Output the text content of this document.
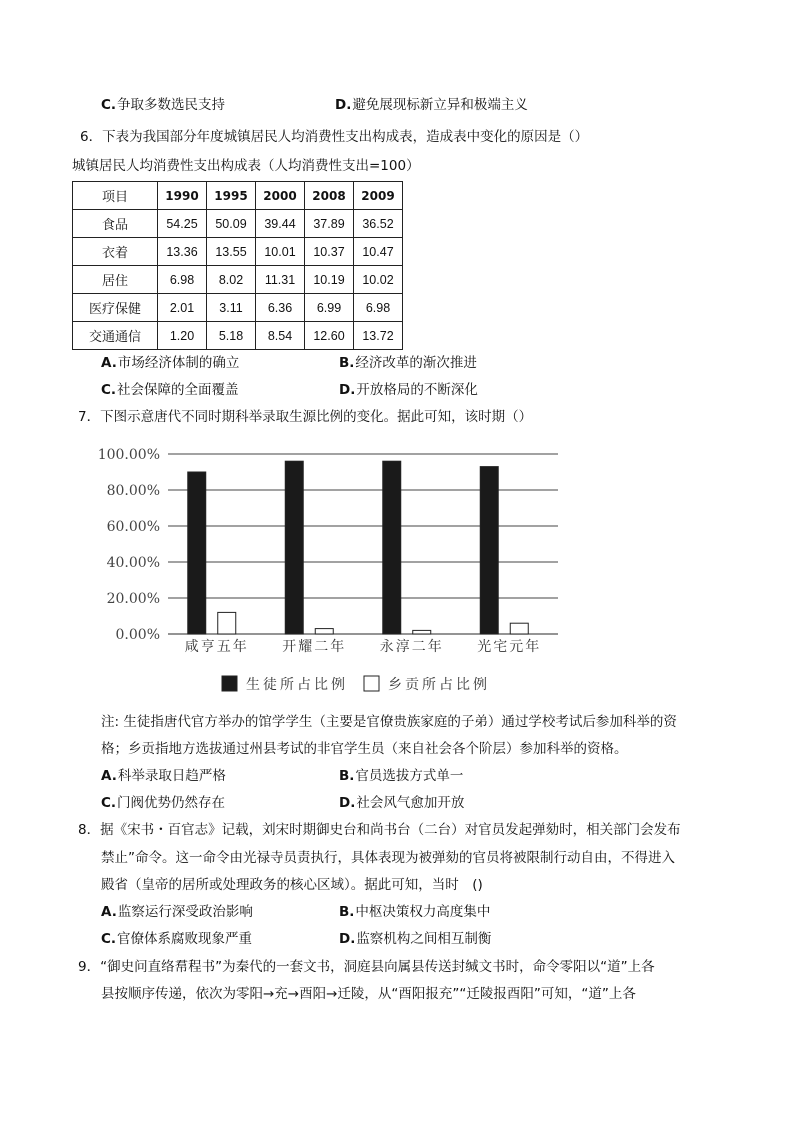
C.争取多数选民支持	D.避免展现标新立异和极端主义
6．下表为我国部分年度城镇居民人均消费性支出构成表，造成表中变化的原因是（）
城镇居民人均消费性支出构成表（人均消费性支出=100）
项目	1990	1995	2000	2008	2009
食品	54.25	50.09	39.44	37.89	36.52
衣着	13.36	13.55	10.01	10.37	10.47
居住	6.98	8.02	11.31	10.19	10.02
医疗保健	2.01	3.11	6.36	6.99	6.98
交通通信	1.20	5.18	8.54	12.60	13.72
A.市场经济体制的确立	B.经济改革的渐次推进
C.社会保障的全面覆盖	D.开放格局的不断深化
7．下图示意唐代不同时期科举录取生源比例的变化。据此可知，该时期（）
0.00%
20.00%
40.00%
60.00%
80.00%
100.00%
咸亨五年 开耀二年 永淳二年 光宅元年
生徒所占比例	乡贡所占比例
注: 生徒指唐代官方举办的馆学学生（主要是官僚贵族家庭的子弟）通过学校考试后参加科举的资
格；乡贡指地方选拔通过州县考试的非官学生员（来自社会各个阶层）参加科举的资格。
A.科举录取日趋严格	B.官员选拔方式单一
C.门阀优势仍然存在	D.社会风气愈加开放
8．据《宋书・百官志》记载，刘宋时期御史台和尚书台（二台）对官员发起弹劾时，相关部门会发布
禁止”命令。这一命令由光禄寺员责执行，具体表现为被弹劾的官员将被限制行动自由，不得进入
殿省（皇帝的居所或处理政务的核心区域）。据此可知，当时　()
A.监察运行深受政治影响	B.中枢决策权力高度集中
C.官僚体系腐败现象严重	D.监察机构之间相互制衡
9．“御史问直络帬程书”为秦代的一套文书，洞庭县向属县传送封缄文书时，命令零阳以“道”上各
县按顺序传递，依次为零阳→充→酉阳→迁陵，从“酉阳报充”“迁陵报酉阳”可知，“道”上各
